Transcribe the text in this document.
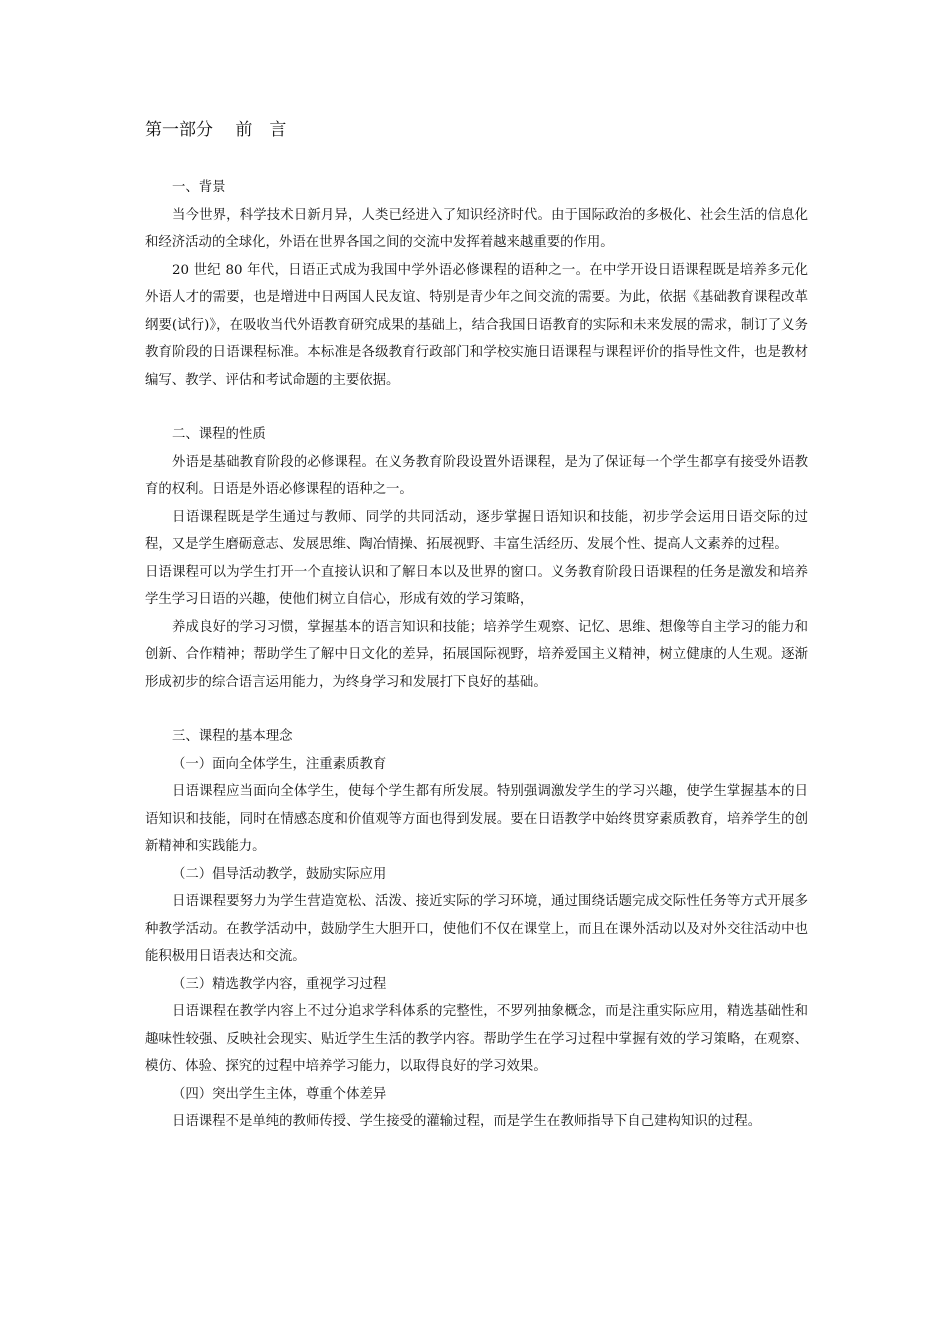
第一部分　 前　言

一、背景

当今世界，科学技术日新月异，人类已经进入了知识经济时代。由于国际政治的多极化、社会生活的信息化和经济活动的全球化，外语在世界各国之间的交流中发挥着越来越重要的作用。

20 世纪 80 年代，日语正式成为我国中学外语必修课程的语种之一。在中学开设日语课程既是培养多元化外语人才的需要，也是增进中日两国人民友谊、特别是青少年之间交流的需要。为此，依据《基础教育课程改革纲要(试行)》，在吸收当代外语教育研究成果的基础上，结合我国日语教育的实际和未来发展的需求，制订了义务教育阶段的日语课程标准。本标准是各级教育行政部门和学校实施日语课程与课程评价的指导性文件，也是教材编写、教学、评估和考试命题的主要依据。

二、课程的性质

外语是基础教育阶段的必修课程。在义务教育阶段设置外语课程，是为了保证每一个学生都享有接受外语教育的权利。日语是外语必修课程的语种之一。

日语课程既是学生通过与教师、同学的共同活动，逐步掌握日语知识和技能，初步学会运用日语交际的过程，又是学生磨砺意志、发展思维、陶冶情操、拓展视野、丰富生活经历、发展个性、提高人文素养的过程。

日语课程可以为学生打开一个直接认识和了解日本以及世界的窗口。义务教育阶段日语课程的任务是激发和培养学生学习日语的兴趣，使他们树立自信心，形成有效的学习策略，

养成良好的学习习惯，掌握基本的语言知识和技能；培养学生观察、记忆、思维、想像等自主学习的能力和创新、合作精神；帮助学生了解中日文化的差异，拓展国际视野，培养爱国主义精神，树立健康的人生观。逐渐形成初步的综合语言运用能力，为终身学习和发展打下良好的基础。

三、课程的基本理念

（一）面向全体学生，注重素质教育

日语课程应当面向全体学生，使每个学生都有所发展。特别强调激发学生的学习兴趣，使学生掌握基本的日语知识和技能，同时在情感态度和价值观等方面也得到发展。要在日语教学中始终贯穿素质教育，培养学生的创新精神和实践能力。

（二）倡导活动教学，鼓励实际应用

日语课程要努力为学生营造宽松、活泼、接近实际的学习环境，通过围绕话题完成交际性任务等方式开展多种教学活动。在教学活动中，鼓励学生大胆开口，使他们不仅在课堂上，而且在课外活动以及对外交往活动中也能积极用日语表达和交流。

（三）精选教学内容，重视学习过程

日语课程在教学内容上不过分追求学科体系的完整性，不罗列抽象概念，而是注重实际应用，精选基础性和趣味性较强、反映社会现实、贴近学生生活的教学内容。帮助学生在学习过程中掌握有效的学习策略，在观察、模仿、体验、探究的过程中培养学习能力，以取得良好的学习效果。

（四）突出学生主体，尊重个体差异

日语课程不是单纯的教师传授、学生接受的灌输过程，而是学生在教师指导下自己建构知识的过程。
